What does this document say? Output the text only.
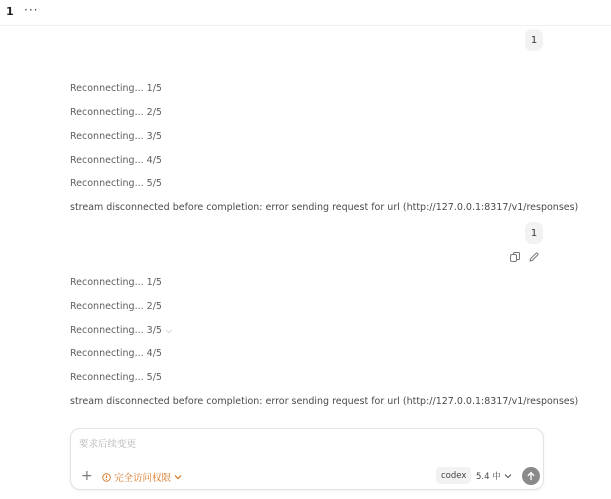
1 ···
1
Reconnecting... 1/5
Reconnecting... 2/5
Reconnecting... 3/5
Reconnecting... 4/5
Reconnecting... 5/5
stream disconnected before completion: error sending request for url (http://127.0.0.1:8317/v1/responses)
1
Reconnecting... 1/5
Reconnecting... 2/5
Reconnecting... 3/5 ⌵
Reconnecting... 4/5
Reconnecting... 5/5
stream disconnected before completion: error sending request for url (http://127.0.0.1:8317/v1/responses)
要求后续变更
+ 完全访问权限	codex	5.4 中
